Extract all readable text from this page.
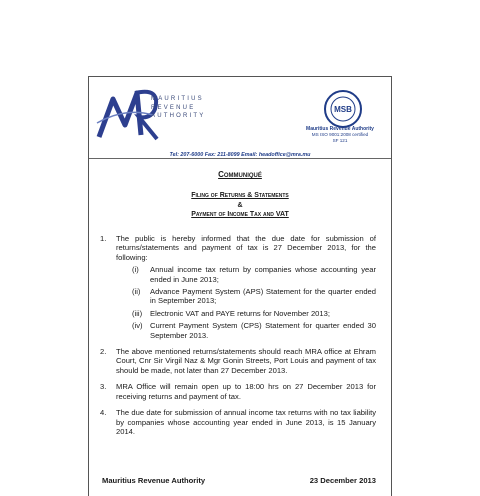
MAURITIUS
REVENUE
AUTHORITY
MSB
Mauritius Revenue Authority
MS ISO 9001:2008 certified
SF 121
Tel: 207-6000 Fax: 211-8099 Email: headoffice@mra.mu
Communiqué
Filing of Returns & Statements
&
Payment of Income Tax and VAT
1. The public is hereby informed that the due date for submission of returns/statements and payment of tax is 27 December 2013, for the following:
(i) Annual income tax return by companies whose accounting year ended in June 2013;
(ii) Advance Payment System (APS) Statement for the quarter ended in September 2013;
(iii) Electronic VAT and PAYE returns for November 2013;
(iv) Current Payment System (CPS) Statement for quarter ended 30 September 2013.
2. The above mentioned returns/statements should reach MRA office at Ehram Court, Cnr Sir Virgil Naz & Mgr Gonin Streets, Port Louis and payment of tax should be made, not later than 27 December 2013.
3. MRA Office will remain open up to 18:00 hrs on 27 December 2013 for receiving returns and payment of tax.
4. The due date for submission of annual income tax returns with no tax liability by companies whose accounting year ended in June 2013, is 15 January 2014.
Mauritius Revenue Authority	23 December 2013
